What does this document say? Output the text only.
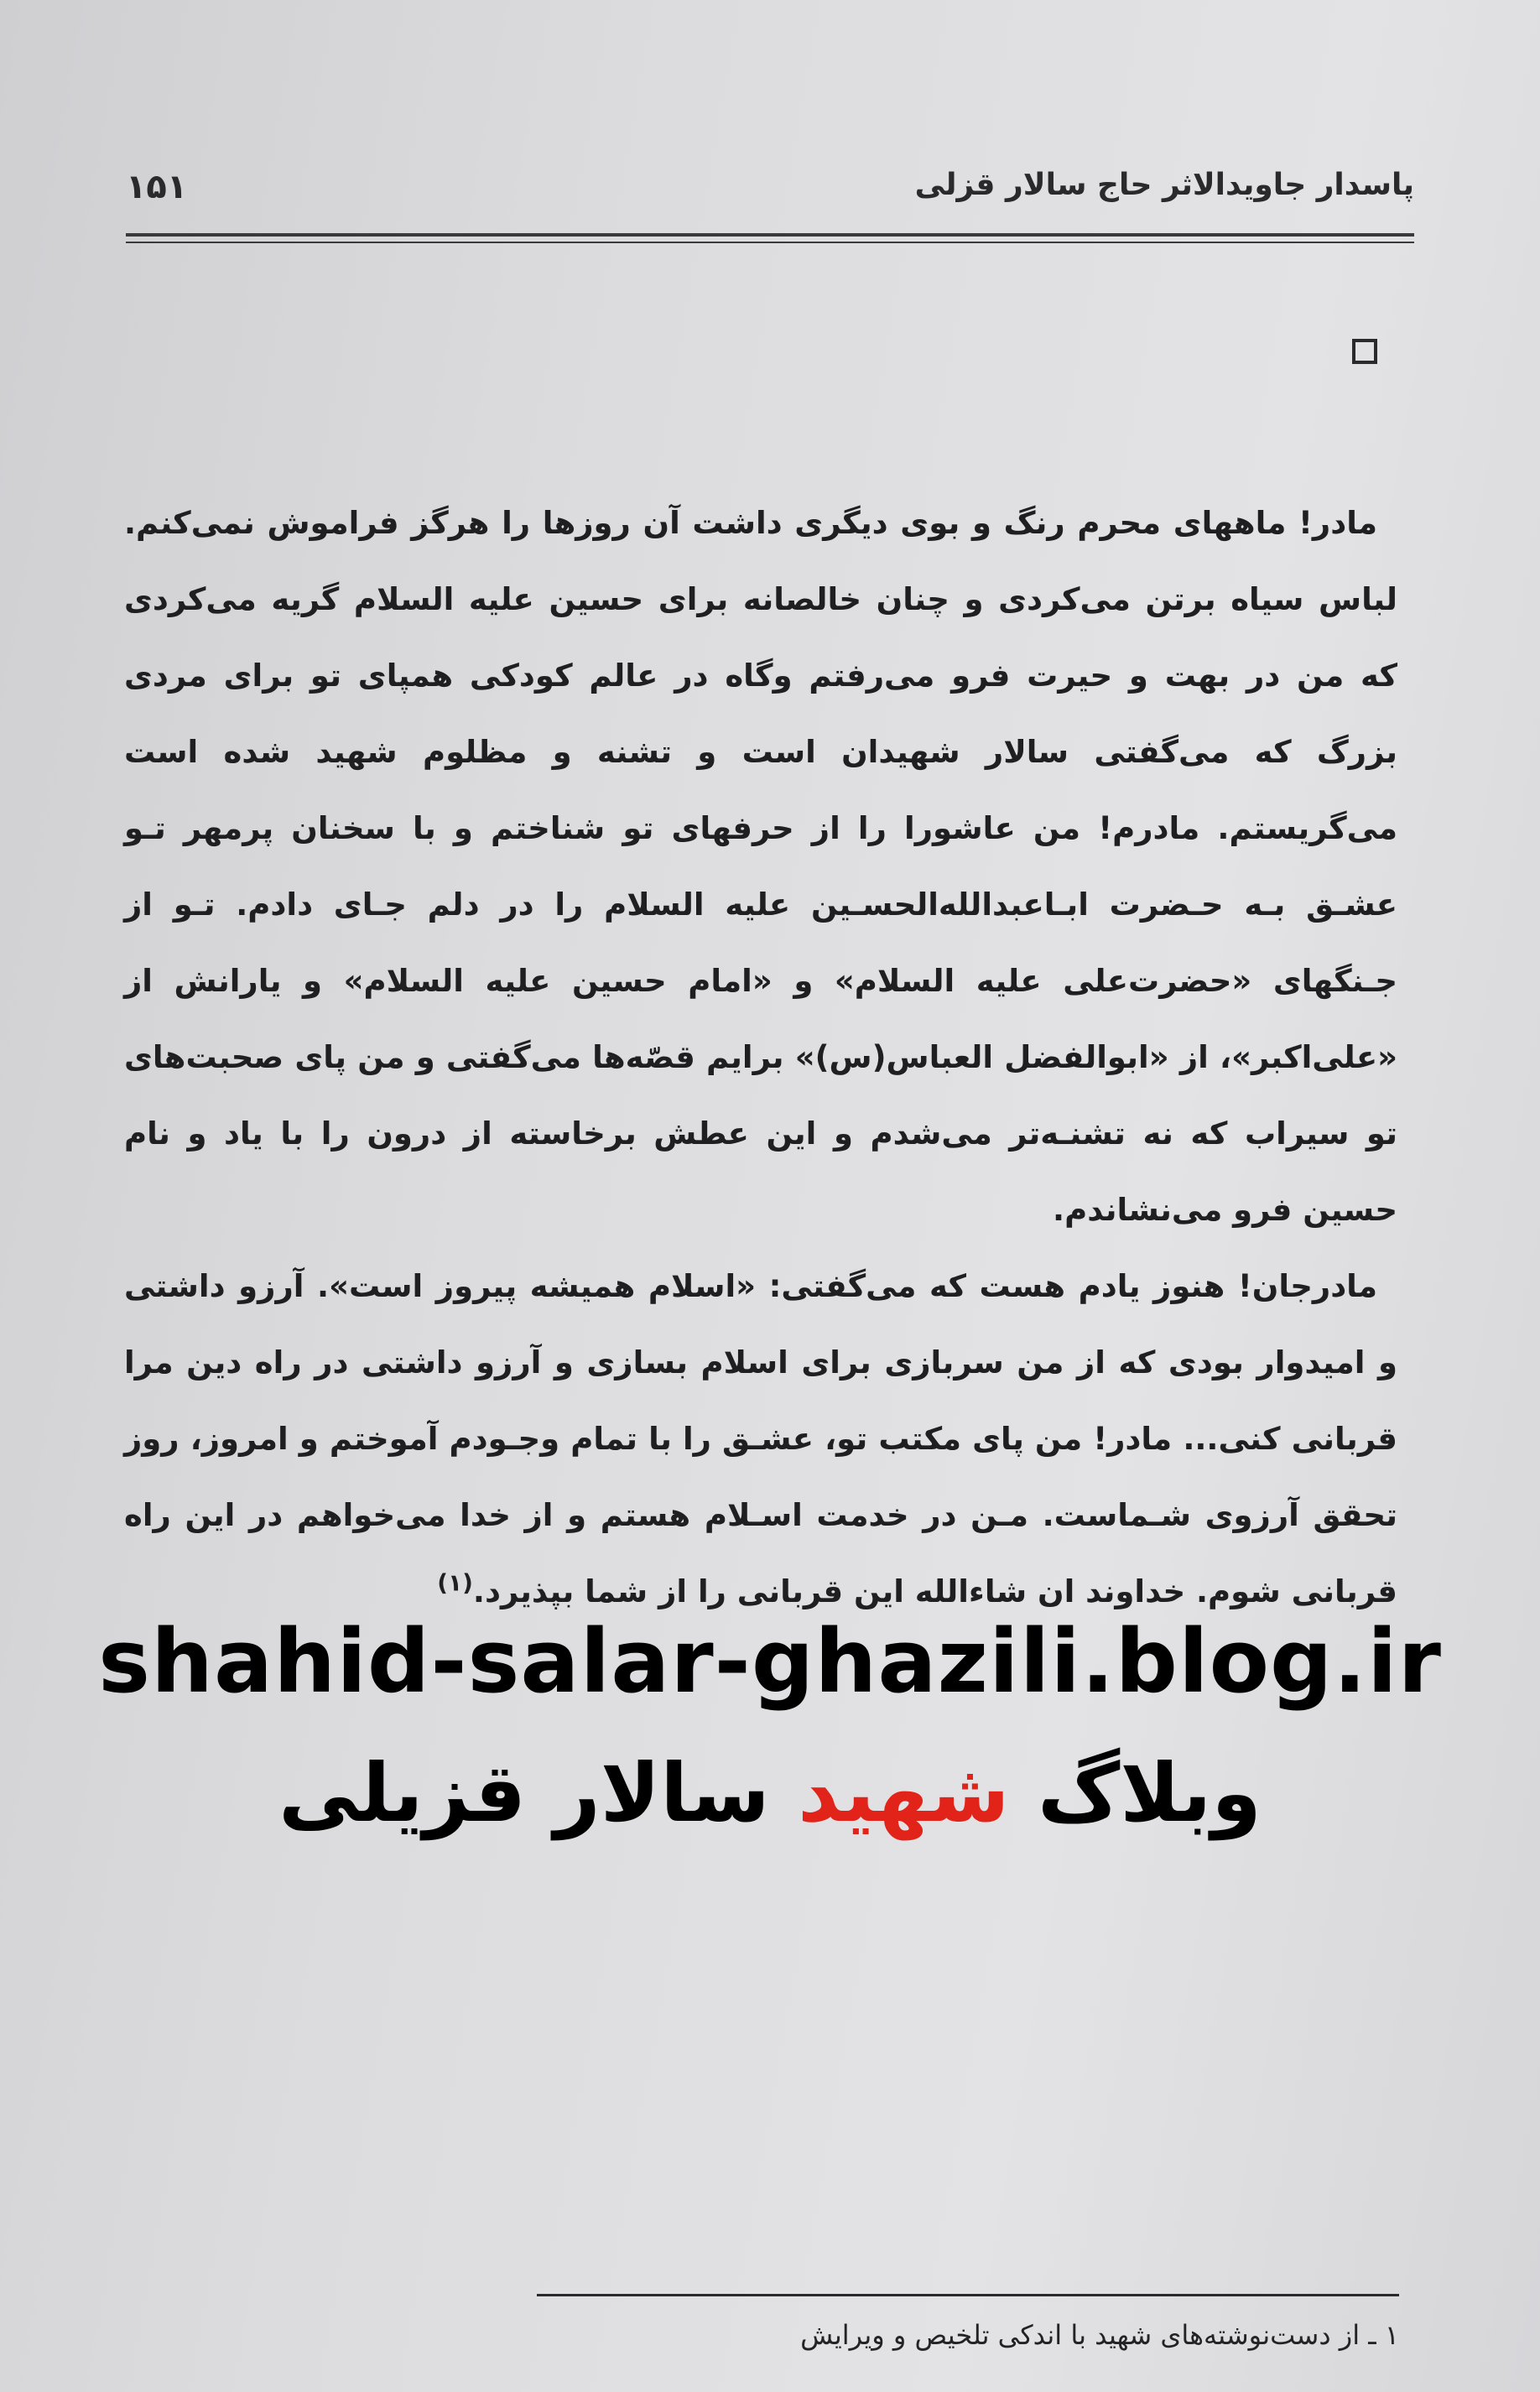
پاسدار جاویدالاثر حاج سالار قزلی
۱۵۱

مادر! ماههای محرم رنگ و بوی دیگری داشت آن روزها را هرگز فراموش نمی‌کنم. لباس سیاه برتن می‌کردی و چنان خالصانه برای حسین علیه السلام گریه می‌کردی که من در بهت و حیرت فرو می‌رفتم وگاه در عالم کودکی همپای تو برای مردی بزرگ که می‌گفتی سالار شهیدان است و تشنه و مظلوم شهید شده است می‌گریستم. مادرم! من عاشورا را از حرفهای تو شناختم و با سخنان پرمهر تـو عشـق بـه حـضرت ابـاعبدالله‌الحسـین علیه السلام را در دلم جـای دادم. تـو از جـنگهای «حضرت‌علی علیه السلام» و «امام حسین علیه السلام» و یارانش از «علی‌اکبر»، از «ابوالفضل العباس(س)» برایم قصّه‌ها می‌گفتی و من پای صحبت‌های تو سیراب که نه تشنـه‌تر می‌شدم و این عطش برخاسته از درون را با یاد و نام حسین فرو می‌نشاندم.

مادرجان! هنوز یادم هست که می‌گفتی: «اسلام همیشه پیروز است». آرزو داشتی و امیدوار بودی که از من سربازی برای اسلام بسازی و آرزو داشتی در راه دین مرا قربانی کنی... مادر! من پای مکتب تو، عشـق را با تمام وجـودم آموختم و امروز، روز تحقق آرزوی شـماست. مـن در خدمت اسـلام هستم و از خدا می‌خواهم در این راه قربانی شوم. خداوند ان شاءالله این قربانی را از شما بپذیرد.$^{(۱)}$

shahid-salar-ghazili.blog.ir
وبلاگ شهید سالار قزیلی
۱ ـ از دست‌نوشته‌های شهید با اندکی تلخیص و ویرایش
